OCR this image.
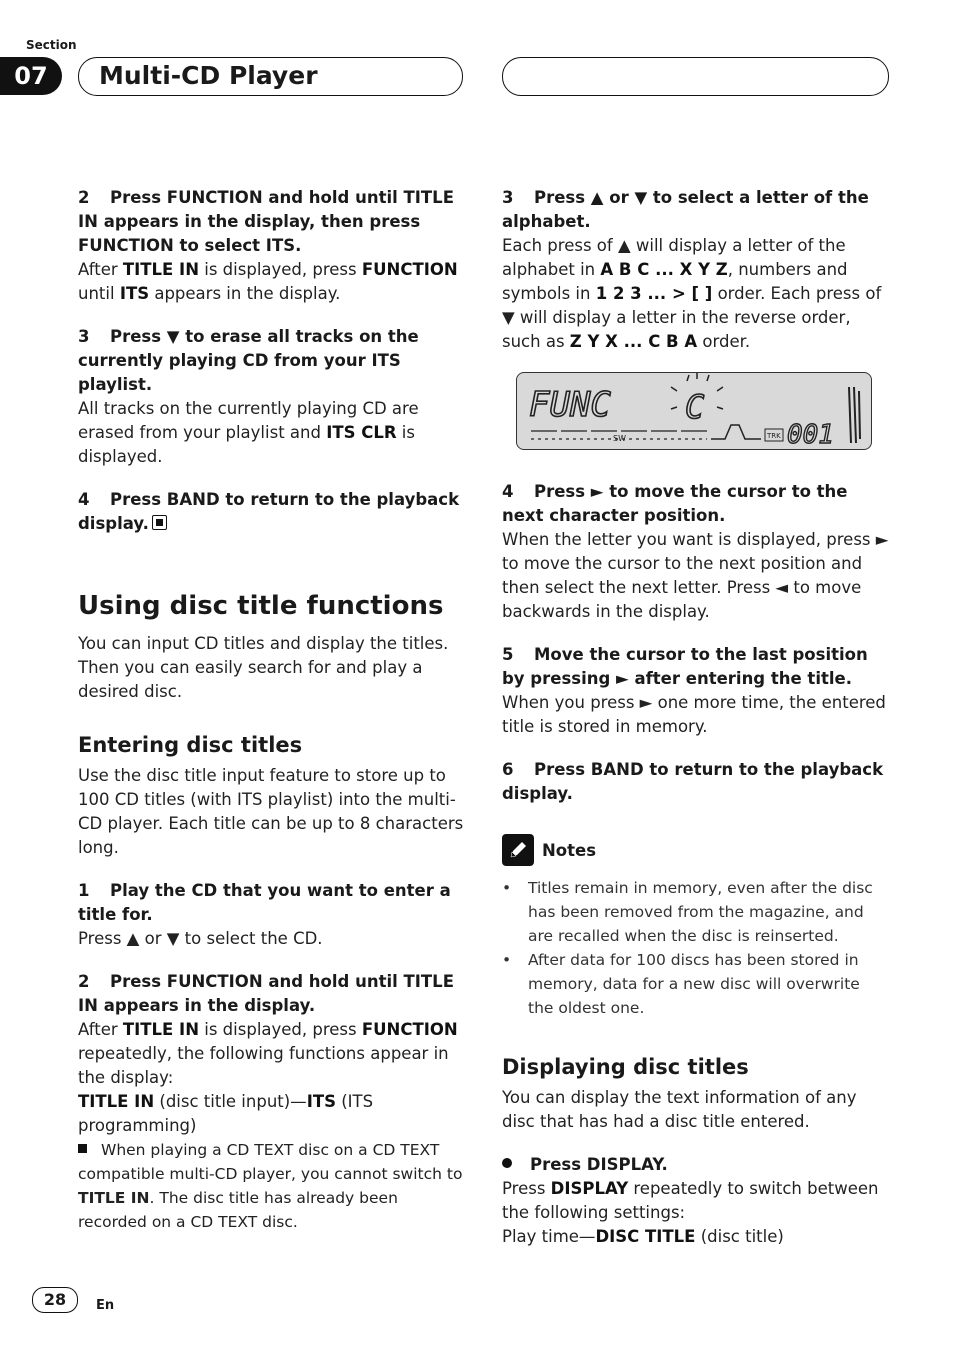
Section
07	Multi-CD Player

2 Press FUNCTION and hold until TITLE IN appears in the display, then press FUNCTION to select ITS.

After TITLE IN is displayed, press FUNCTION until ITS appears in the display.

3 Press ▼ to erase all tracks on the currently playing CD from your ITS playlist.

All tracks on the currently playing CD are erased from your playlist and ITS CLR is displayed.

4 Press BAND to return to the playback display.

Using disc title functions

You can input CD titles and display the titles. Then you can easily search for and play a desired disc.

Entering disc titles

Use the disc title input feature to store up to 100 CD titles (with ITS playlist) into the multi-CD player. Each title can be up to 8 characters long.

1 Play the CD that you want to enter a title for.

Press ▲ or ▼ to select the CD.

2 Press FUNCTION and hold until TITLE IN appears in the display.

After TITLE IN is displayed, press FUNCTION repeatedly, the following functions appear in the display:

TITLE IN (disc title input)—ITS (ITS programming)

When playing a CD TEXT disc on a CD TEXT compatible multi-CD player, you cannot switch to TITLE IN. The disc title has already been recorded on a CD TEXT disc.

3 Press ▲ or ▼ to select a letter of the alphabet.

Each press of ▲ will display a letter of the alphabet in A B C ... X Y Z, numbers and symbols in 1 2 3 ... > [ ] order. Each press of ▼ will display a letter in the reverse order, such as Z Y X ... C B A order.

FUNC C
SW	TRK 001

4 Press ► to move the cursor to the next character position.

When the letter you want is displayed, press ► to move the cursor to the next position and then select the next letter. Press ◄ to move backwards in the display.

5 Move the cursor to the last position by pressing ► after entering the title.

When you press ► one more time, the entered title is stored in memory.

6 Press BAND to return to the playback display.

Notes
• Titles remain in memory, even after the disc has been removed from the magazine, and are recalled when the disc is reinserted.
• After data for 100 discs has been stored in memory, data for a new disc will overwrite the oldest one.
Displaying disc titles

You can display the text information of any disc that has had a disc title entered.

Press DISPLAY.

Press DISPLAY repeatedly to switch between the following settings:

Play time—DISC TITLE (disc title)

28	En
